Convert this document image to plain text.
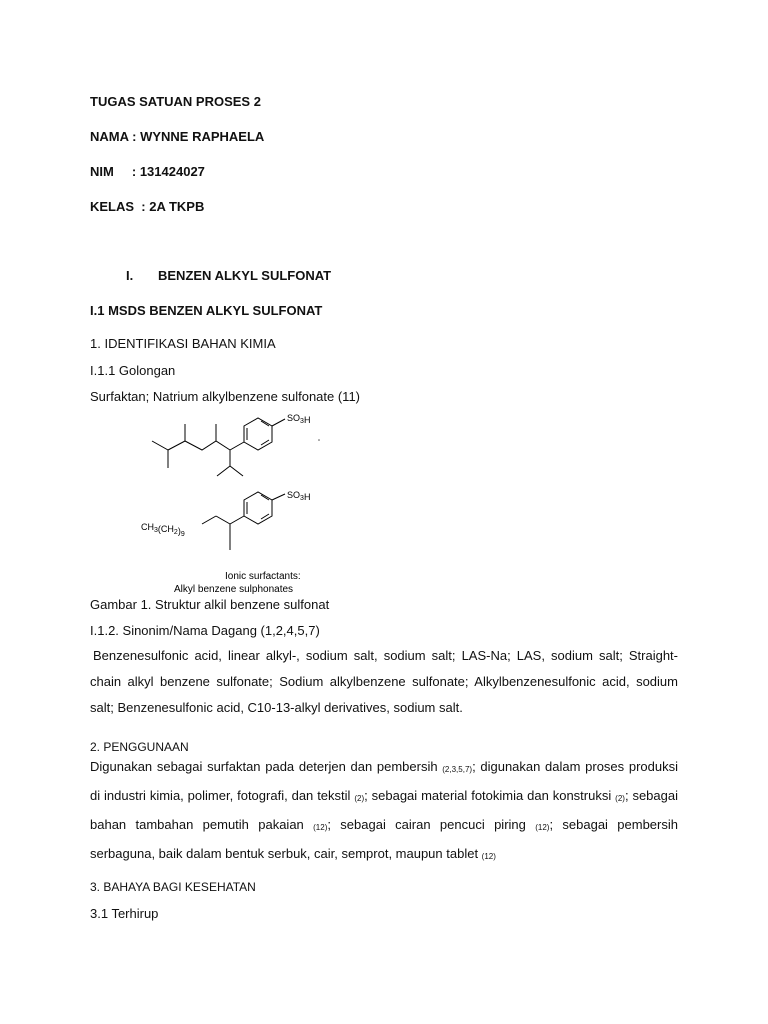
TUGAS SATUAN PROSES 2
NAMA : WYNNE RAPHAELA
NIM     : 131424027
KELAS  : 2A TKPB
I. BENZEN ALKYL SULFONAT
I.1 MSDS BENZEN ALKYL SULFONAT
1. IDENTIFIKASI BAHAN KIMIA
I.1.1 Golongan
Surfaktan; Natrium alkylbenzene sulfonate (11)
$SO_3H$
$SO_3H$
$CH_3(CH_2)_9$
Ionic surfactants:
Alkyl benzene sulphonates
Gambar 1. Struktur alkil benzene sulfonat
I.1.2. Sinonim/Nama Dagang (1,2,4,5,7)
Benzenesulfonic acid, linear alkyl-, sodium salt, sodium salt; LAS-Na; LAS, sodium salt; Straight-chain alkyl benzene sulfonate; Sodium alkylbenzene sulfonate; Alkylbenzenesulfonic acid, sodium salt; Benzenesulfonic acid, C10-13-alkyl derivatives, sodium salt.
2. PENGGUNAAN
Digunakan sebagai surfaktan pada deterjen dan pembersih (2,3,5,7); digunakan dalam proses produksi di industri kimia, polimer, fotografi, dan tekstil (2); sebagai material fotokimia dan konstruksi (2); sebagai bahan tambahan pemutih pakaian (12); sebagai cairan pencuci piring (12); sebagai pembersih serbaguna, baik dalam bentuk serbuk, cair, semprot, maupun tablet (12)
3. BAHAYA BAGI KESEHATAN
3.1 Terhirup
